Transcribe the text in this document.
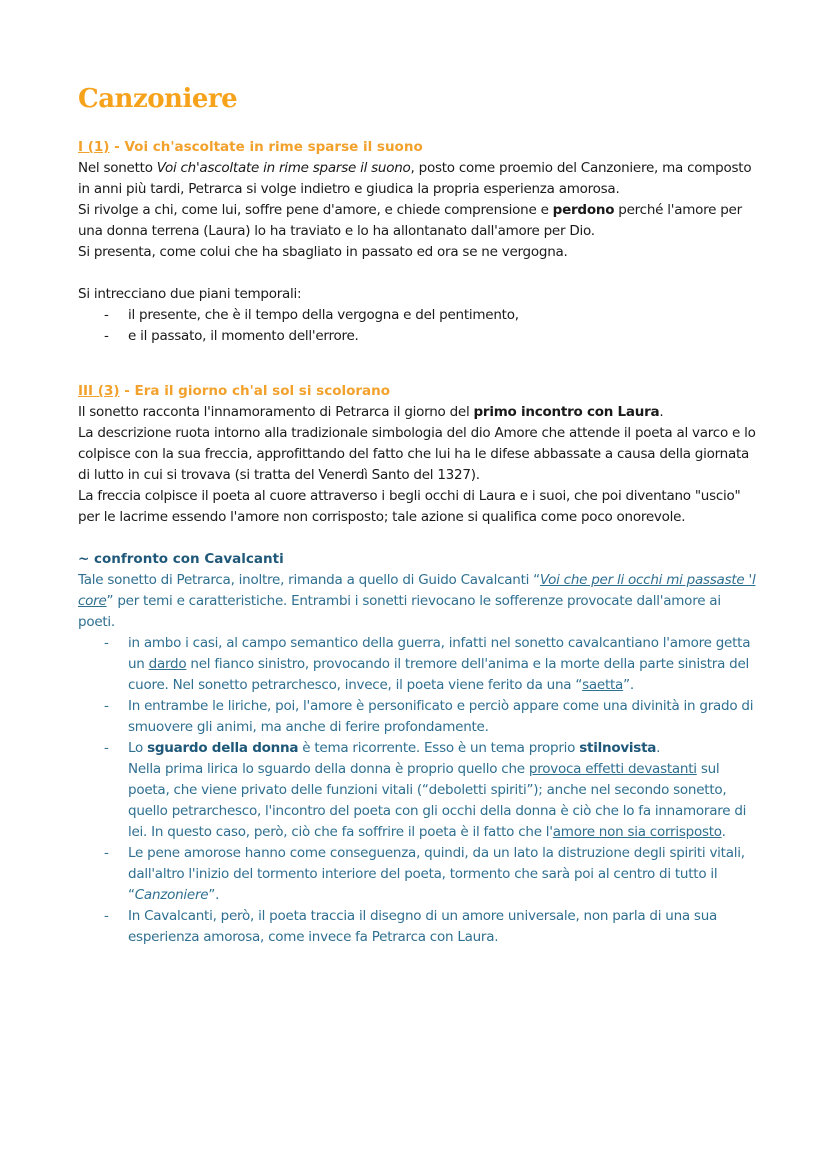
Canzoniere

I (1) - Voi ch'ascoltate in rime sparse il suono

Nel sonetto Voi ch'ascoltate in rime sparse il suono, posto come proemio del Canzoniere, ma composto in anni più tardi, Petrarca si volge indietro e giudica la propria esperienza amorosa.

Si rivolge a chi, come lui, soffre pene d'amore, e chiede comprensione e perdono perché l'amore per una donna terrena (Laura) lo ha traviato e lo ha allontanato dall'amore per Dio.

Si presenta, come colui che ha sbagliato in passato ed ora se ne vergogna.

Si intrecciano due piani temporali:

- il presente, che è il tempo della vergogna e del pentimento,
- e il passato, il momento dell'errore.

III (3) - Era il giorno ch'al sol si scolorano

Il sonetto racconta l'innamoramento di Petrarca il giorno del primo incontro con Laura.

La descrizione ruota intorno alla tradizionale simbologia del dio Amore che attende il poeta al varco e lo colpisce con la sua freccia, approfittando del fatto che lui ha le difese abbassate a causa della giornata di lutto in cui si trovava (si tratta del Venerdì Santo del 1327).

La freccia colpisce il poeta al cuore attraverso i begli occhi di Laura e i suoi, che poi diventano "uscio" per le lacrime essendo l'amore non corrisposto; tale azione si qualifica come poco onorevole.

~ confronto con Cavalcanti

Tale sonetto di Petrarca, inoltre, rimanda a quello di Guido Cavalcanti “Voi che per li occhi mi passaste 'l core” per temi e caratteristiche. Entrambi i sonetti rievocano le sofferenze provocate dall'amore ai poeti.

- in ambo i casi, al campo semantico della guerra, infatti nel sonetto cavalcantiano l'amore getta un dardo nel fianco sinistro, provocando il tremore dell'anima e la morte della parte sinistra del cuore. Nel sonetto petrarchesco, invece, il poeta viene ferito da una “saetta”.
- In entrambe le liriche, poi, l'amore è personificato e perciò appare come una divinità in grado di smuovere gli animi, ma anche di ferire profondamente.
- Lo sguardo della donna è tema ricorrente. Esso è un tema proprio stilnovista.
Nella prima lirica lo sguardo della donna è proprio quello che provoca effetti devastanti sul poeta, che viene privato delle funzioni vitali (“deboletti spiriti”); anche nel secondo sonetto, quello petrarchesco, l'incontro del poeta con gli occhi della donna è ciò che lo fa innamorare di lei. In questo caso, però, ciò che fa soffrire il poeta è il fatto che l'amore non sia corrisposto.
- Le pene amorose hanno come conseguenza, quindi, da un lato la distruzione degli spiriti vitali, dall'altro l'inizio del tormento interiore del poeta, tormento che sarà poi al centro di tutto il “Canzoniere”.
- In Cavalcanti, però, il poeta traccia il disegno di un amore universale, non parla di una sua esperienza amorosa, come invece fa Petrarca con Laura.
